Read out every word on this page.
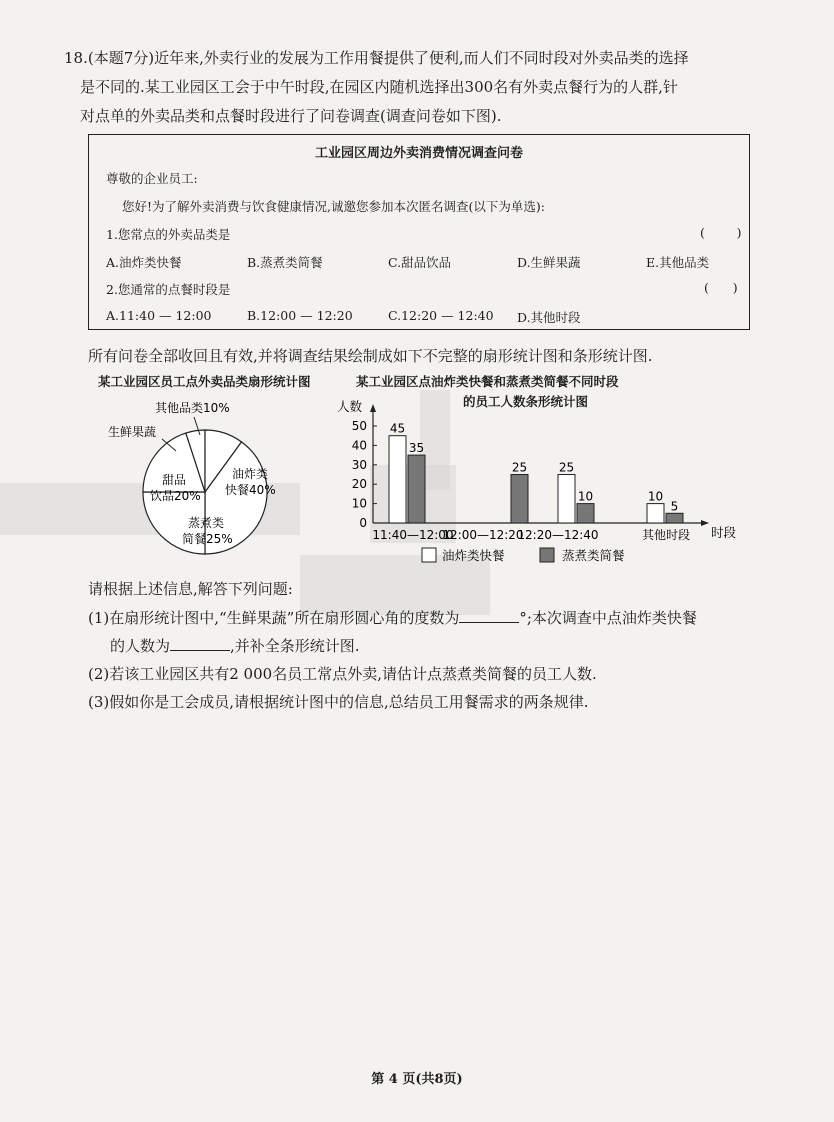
18.(本题7分)近年来,外卖行业的发展为工作用餐提供了便利,而人们不同时段对外卖品类的选择
是不同的.某工业园区工会于中午时段,在园区内随机选择出300名有外卖点餐行为的人群,针
对点单的外卖品类和点餐时段进行了问卷调查(调查问卷如下图).
工业园区周边外卖消费情况调查问卷
尊敬的企业员工:
您好!为了解外卖消费与饮食健康情况,诚邀您参加本次匿名调查(以下为单选):
1.您常点的外卖品类是	(        )
A.油炸类快餐	B.蒸煮类简餐	C.甜品饮品	D.生鲜果蔬	E.其他品类
2.您通常的点餐时段是	(      )
A.11:40 — 12:00	B.12:00 — 12:20	C.12:20 — 12:40 D.其他时段
所有问卷全部收回且有效,并将调查结果绘制成如下不完整的扇形统计图和条形统计图.
某工业园区员工点外卖品类扇形统计图
其他品类10%
生鲜果蔬
油炸类
快餐40%
蒸煮类
简餐25%
甜品
饮品20%
某工业园区点油炸类快餐和蒸煮类简餐不同时段
的员工人数条形统计图
0
10
20
30
40
50
11:40—12:00
12:00—12:20
12:20—12:40	其他时段
45
25
10
35
25
10
5
人数
时段
油炸类快餐	蒸煮类简餐
请根据上述信息,解答下列问题:
(1)在扇形统计图中,“生鲜果蔬”所在扇形圆心角的度数为	°;本次调查中点油炸类快餐
的人数为	,并补全条形统计图.
(2)若该工业园区共有2 000名员工常点外卖,请估计点蒸煮类简餐的员工人数.
(3)假如你是工会成员,请根据统计图中的信息,总结员工用餐需求的两条规律.
第 4 页(共8页)
